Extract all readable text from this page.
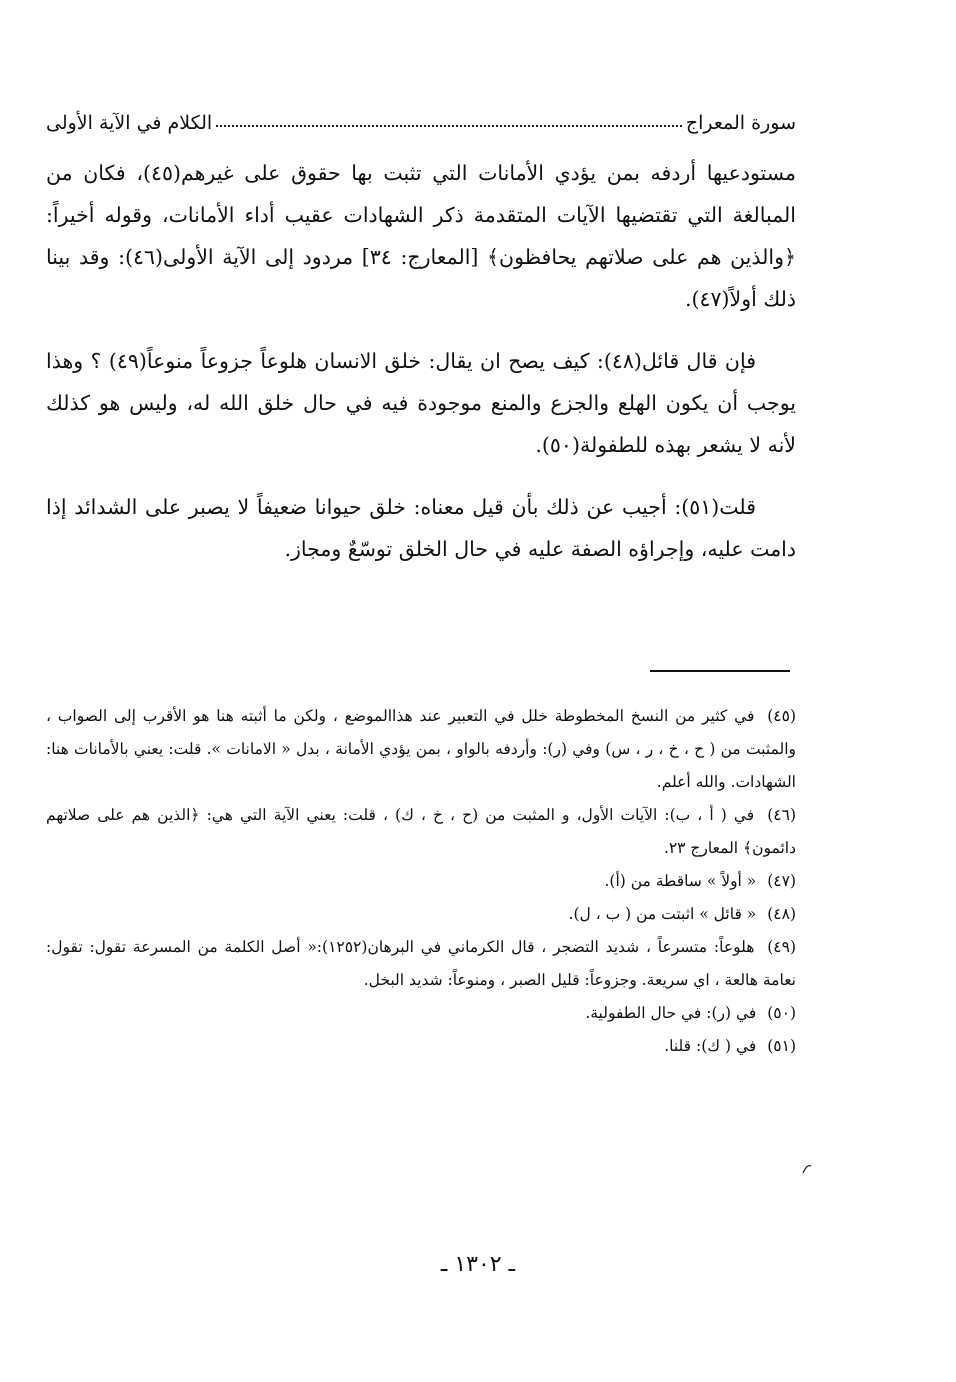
سورة المعراج
الكلام في الآية الأولى

مستودعيها أردفه بمن يؤدي الأمانات التي تثبت بها حقوق على غيرهم(٤٥)، فكان من المبالغة التي تقتضيها الآيات المتقدمة ذكر الشهادات عقيب أداء الأمانات، وقوله أخيراً: ﴿والذين هم على صلاتهم يحافظون﴾ [المعارج: ٣٤] مردود إلى الآية الأولى(٤٦): وقد بينا ذلك أولاً(٤٧).

فإن قال قائل(٤٨): كيف يصح ان يقال: خلق الانسان هلوعاً جزوعاً منوعاً(٤٩) ؟ وهذا يوجب أن يكون الهلع والجزع والمنع موجودة فيه في حال خلق الله له، وليس هو كذلك لأنه لا يشعر بهذه للطفولة(٥٠).

قلت(٥١): أجيب عن ذلك بأن قيل معناه: خلق حيوانا ضعيفاً لا يصبر على الشدائد إذا دامت عليه، وإجراؤه الصفة عليه في حال الخلق توسّعٌ ومجاز.

(٤٥) في كثير من النسخ المخطوطة خلل في التعبير عند هذاالموضع ، ولكن ما أثبته هنا هو الأقرب إلى الصواب ، والمثبت من ( ح ، خ ، ر ، س) وفي (ر): وأردفه بالواو ، بمن يؤدي الأمانة ، بدل « الامانات ». قلت: يعني بالأمانات هنا: الشهادات. والله أعلم.

(٤٦) في ( أ ، ب): الآيات الأول، و المثبت من (ح ، خ ، ك) ، قلت: يعني الآية التي هي: ﴿الذين هم على صلاتهم دائمون﴾ المعارج ٢٣.

(٤٧) « أولاً » ساقطة من (أ).

(٤٨) « قائل » اثبتت من ( ب ، ل).

(٤٩) هلوعاً: متسرعاً ، شديد التضجر ، قال الكرماني في البرهان(١٢٥٢):« أصل الكلمة من المسرعة تقول: تقول: نعامة هالعة ، اي سريعة. وجزوعاً: قليل الصبر ، ومنوعاً: شديد البخل.

(٥٠) في (ر): في حال الطفولية.

(٥١) في ( ك): قلنا.

ـ ١٣٠٢ ـ
